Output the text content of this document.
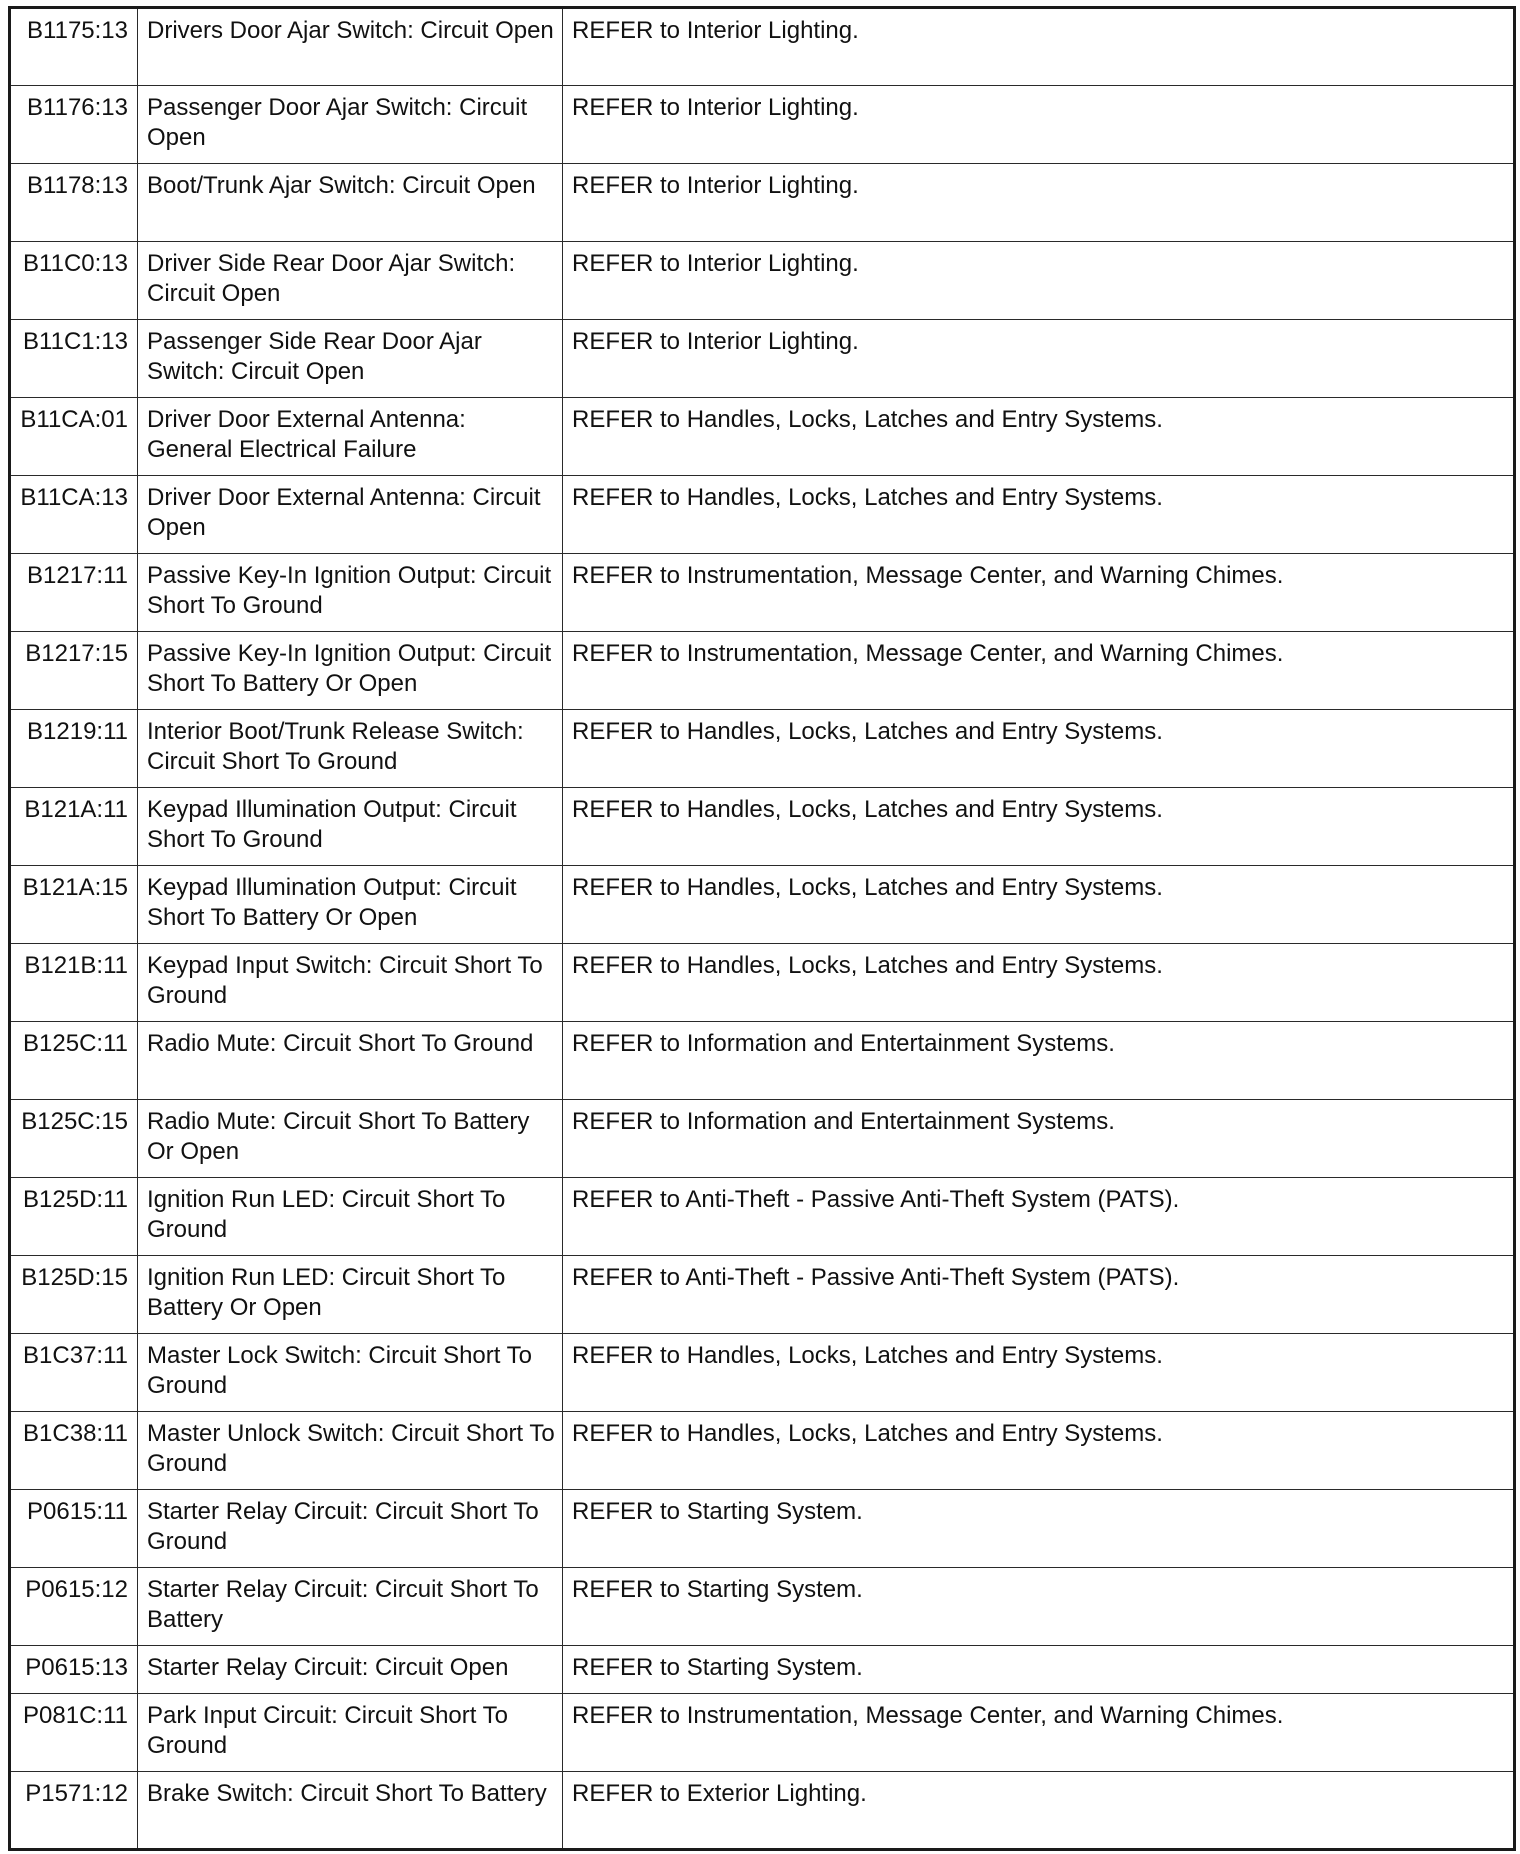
B1175:13	Drivers Door Ajar Switch: Circuit Open	REFER to Interior Lighting.
B1176:13	Passenger Door Ajar Switch: Circuit Open	REFER to Interior Lighting.
B1178:13	Boot/Trunk Ajar Switch: Circuit Open	REFER to Interior Lighting.
B11C0:13	Driver Side Rear Door Ajar Switch: Circuit Open	REFER to Interior Lighting.
B11C1:13	Passenger Side Rear Door Ajar Switch: Circuit Open	REFER to Interior Lighting.
B11CA:01	Driver Door External Antenna: General Electrical Failure	REFER to Handles, Locks, Latches and Entry Systems.
B11CA:13	Driver Door External Antenna: Circuit Open	REFER to Handles, Locks, Latches and Entry Systems.
B1217:11	Passive Key-In Ignition Output: Circuit Short To Ground	REFER to Instrumentation, Message Center, and Warning Chimes.
B1217:15	Passive Key-In Ignition Output: Circuit Short To Battery Or Open	REFER to Instrumentation, Message Center, and Warning Chimes.
B1219:11	Interior Boot/Trunk Release Switch: Circuit Short To Ground	REFER to Handles, Locks, Latches and Entry Systems.
B121A:11	Keypad Illumination Output: Circuit Short To Ground	REFER to Handles, Locks, Latches and Entry Systems.
B121A:15	Keypad Illumination Output: Circuit Short To Battery Or Open	REFER to Handles, Locks, Latches and Entry Systems.
B121B:11	Keypad Input Switch: Circuit Short To Ground	REFER to Handles, Locks, Latches and Entry Systems.
B125C:11	Radio Mute: Circuit Short To Ground	REFER to Information and Entertainment Systems.
B125C:15	Radio Mute: Circuit Short To Battery Or Open	REFER to Information and Entertainment Systems.
B125D:11	Ignition Run LED: Circuit Short To Ground	REFER to Anti-Theft - Passive Anti-Theft System (PATS).
B125D:15	Ignition Run LED: Circuit Short To Battery Or Open	REFER to Anti-Theft - Passive Anti-Theft System (PATS).
B1C37:11	Master Lock Switch: Circuit Short To Ground	REFER to Handles, Locks, Latches and Entry Systems.
B1C38:11	Master Unlock Switch: Circuit Short To Ground	REFER to Handles, Locks, Latches and Entry Systems.
P0615:11	Starter Relay Circuit: Circuit Short To Ground	REFER to Starting System.
P0615:12	Starter Relay Circuit: Circuit Short To Battery	REFER to Starting System.
P0615:13	Starter Relay Circuit: Circuit Open	REFER to Starting System.
P081C:11	Park Input Circuit: Circuit Short To Ground	REFER to Instrumentation, Message Center, and Warning Chimes.
P1571:12	Brake Switch: Circuit Short To Battery	REFER to Exterior Lighting.
